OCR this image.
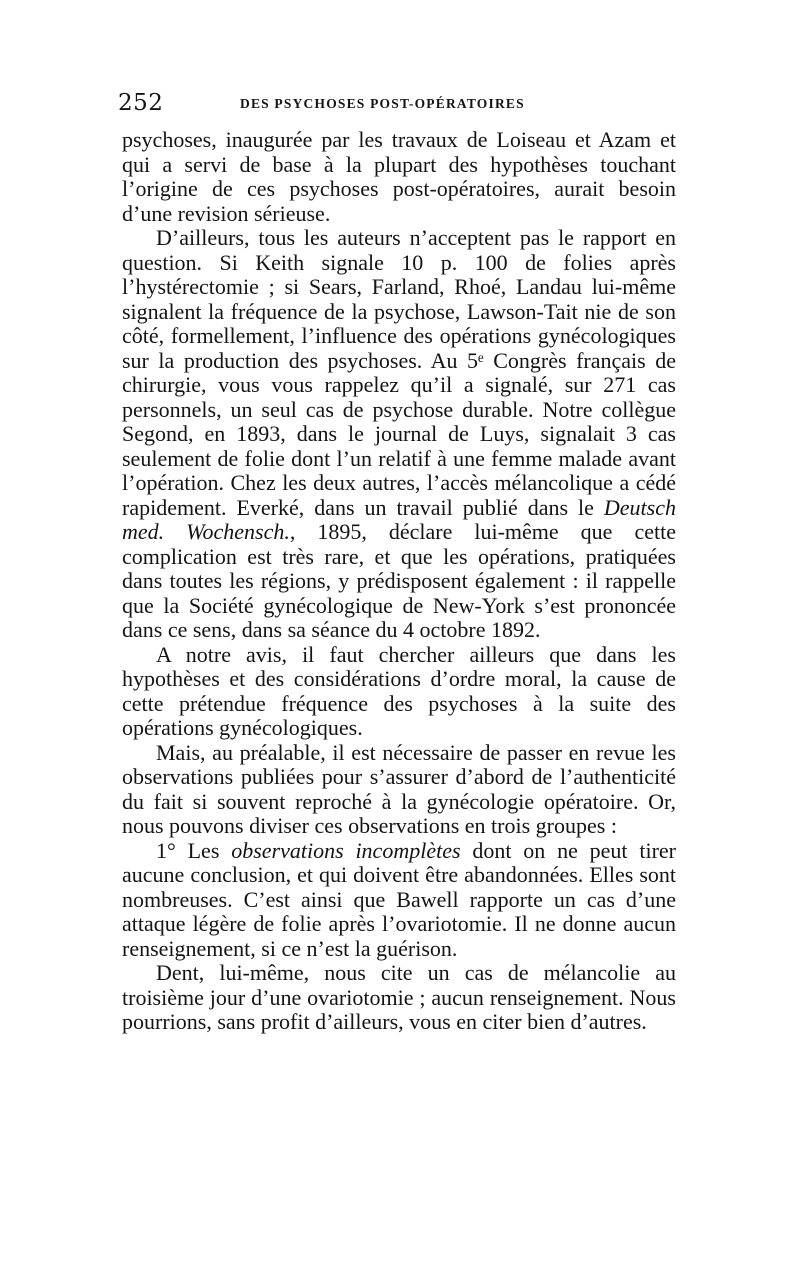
252	DES PSYCHOSES POST-OPÉRATOIRES

psychoses, inaugurée par les travaux de Loiseau et Azam et qui a servi de base à la plupart des hypothèses touchant l’origine de ces psychoses post-opératoires, aurait besoin d’une revision sérieuse.

D’ailleurs, tous les auteurs n’acceptent pas le rapport en question. Si Keith signale 10 p. 100 de folies après l’hystérectomie ; si Sears, Farland, Rhoé, Landau lui-même signalent la fréquence de la psychose, Lawson-Tait nie de son côté, formellement, l’influence des opérations gynécologiques sur la production des psychoses. Au 5ᵉ Congrès français de chirurgie, vous vous rappelez qu’il a signalé, sur 271 cas personnels, un seul cas de psychose durable. Notre collègue Segond, en 1893, dans le journal de Luys, signalait 3 cas seulement de folie dont l’un relatif à une femme malade avant l’opération. Chez les deux autres, l’accès mélancolique a cédé rapidement. Everké, dans un travail publié dans le Deutsch med. Wochensch., 1895, déclare lui-même que cette complication est très rare, et que les opérations, pratiquées dans toutes les régions, y prédisposent également : il rappelle que la Société gynécologique de New-York s’est prononcée dans ce sens, dans sa séance du 4 octobre 1892.

A notre avis, il faut chercher ailleurs que dans les hypothèses et des considérations d’ordre moral, la cause de cette prétendue fréquence des psychoses à la suite des opérations gynécologiques.

Mais, au préalable, il est nécessaire de passer en revue les observations publiées pour s’assurer d’abord de l’authenticité du fait si souvent reproché à la gynécologie opératoire. Or, nous pouvons diviser ces observations en trois groupes :

1° Les observations incomplètes dont on ne peut tirer aucune conclusion, et qui doivent être abandonnées. Elles sont nombreuses. C’est ainsi que Bawell rapporte un cas d’une attaque légère de folie après l’ovariotomie. Il ne donne aucun renseignement, si ce n’est la guérison.

Dent, lui-même, nous cite un cas de mélancolie au troisième jour d’une ovariotomie ; aucun renseignement. Nous pourrions, sans profit d’ailleurs, vous en citer bien d’autres.
